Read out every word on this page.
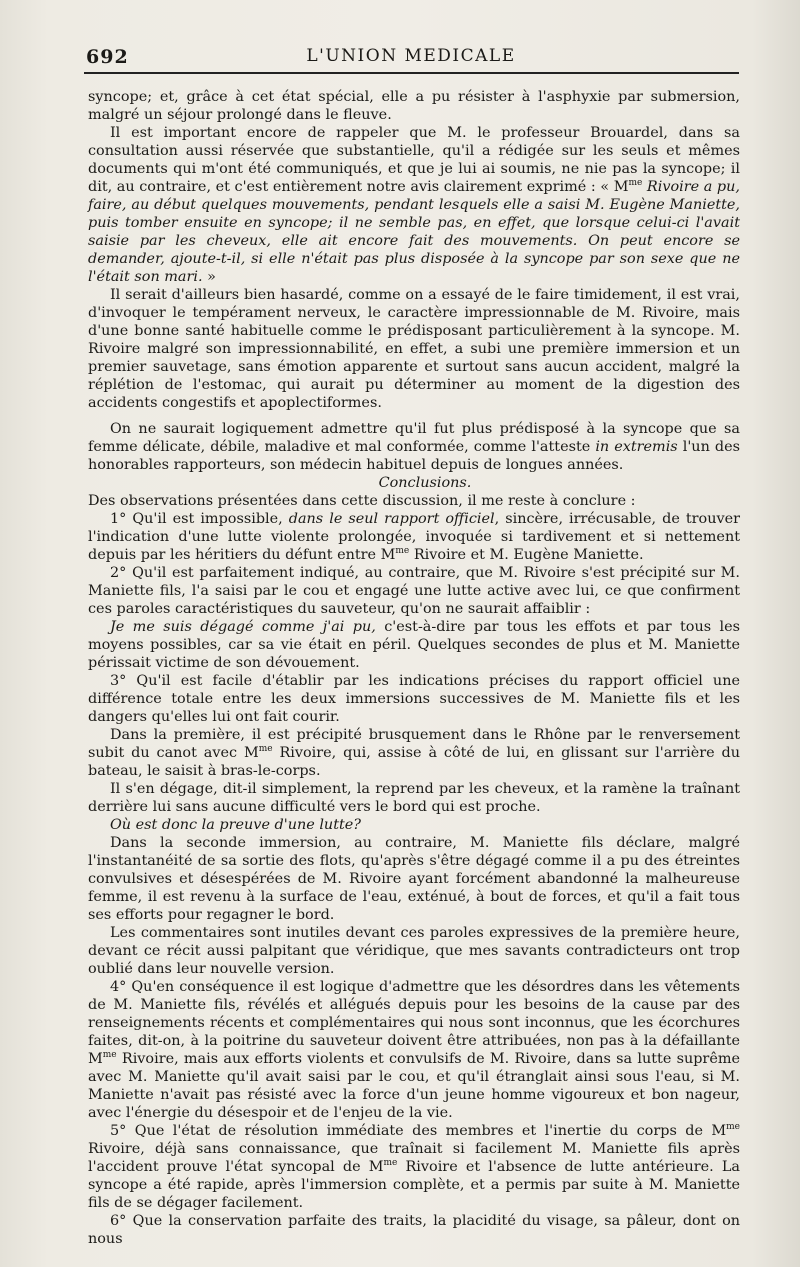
692	L'UNION MEDICALE

syncope; et, grâce à cet état spécial, elle a pu résister à l'asphyxie par submersion, malgré un séjour prolongé dans le fleuve.

Il est important encore de rappeler que M. le professeur Brouardel, dans sa consultation aussi réservée que substantielle, qu'il a rédigée sur les seuls et mêmes documents qui m'ont été communiqués, et que je lui ai soumis, ne nie pas la syncope; il dit, au contraire, et c'est entièrement notre avis clairement exprimé : « $M^{me}$ Rivoire a pu, faire, au début quelques mouvements, pendant lesquels elle a saisi M. Eugène Maniette, puis tomber ensuite en syncope; il ne semble pas, en effet, que lorsque celui-ci l'avait saisie par les cheveux, elle ait encore fait des mouvements. On peut encore se demander, ajoute-t-il, si elle n'était pas plus disposée à la syncope par son sexe que ne l'était son mari. »

Il serait d'ailleurs bien hasardé, comme on a essayé de le faire timidement, il est vrai, d'invoquer le tempérament nerveux, le caractère impressionnable de M. Rivoire, mais d'une bonne santé habituelle comme le prédisposant particulièrement à la syncope. M. Rivoire malgré son impressionnabilité, en effet, a subi une première immersion et un premier sauvetage, sans émotion apparente et surtout sans aucun accident, malgré la réplétion de l'estomac, qui aurait pu déterminer au moment de la digestion des accidents congestifs et apoplectiformes.

On ne saurait logiquement admettre qu'il fut plus prédisposé à la syncope que sa femme délicate, débile, maladive et mal conformée, comme l'atteste in extremis l'un des honorables rapporteurs, son médecin habituel depuis de longues années.

Conclusions.

Des observations présentées dans cette discussion, il me reste à conclure :

1° Qu'il est impossible, dans le seul rapport officiel, sincère, irrécusable, de trouver l'indication d'une lutte violente prolongée, invoquée si tardivement et si nettement depuis par les héritiers du défunt entre $M^{me}$ Rivoire et M. Eugène Maniette.

2° Qu'il est parfaitement indiqué, au contraire, que M. Rivoire s'est précipité sur M. Maniette fils, l'a saisi par le cou et engagé une lutte active avec lui, ce que confirment ces paroles caractéristiques du sauveteur, qu'on ne saurait affaiblir :

Je me suis dégagé comme j'ai pu, c'est-à-dire par tous les effots et par tous les moyens possibles, car sa vie était en péril. Quelques secondes de plus et M. Maniette périssait victime de son dévouement.

3° Qu'il est facile d'établir par les indications précises du rapport officiel une différence totale entre les deux immersions successives de M. Maniette fils et les dangers qu'elles lui ont fait courir.

Dans la première, il est précipité brusquement dans le Rhône par le renversement subit du canot avec $M^{me}$ Rivoire, qui, assise à côté de lui, en glissant sur l'arrière du bateau, le saisit à bras-le-corps.

Il s'en dégage, dit-il simplement, la reprend par les cheveux, et la ramène la traînant derrière lui sans aucune difficulté vers le bord qui est proche.

Où est donc la preuve d'une lutte?

Dans la seconde immersion, au contraire, M. Maniette fils déclare, malgré l'instantanéité de sa sortie des flots, qu'après s'être dégagé comme il a pu des étreintes convulsives et désespérées de M. Rivoire ayant forcément abandonné la malheureuse femme, il est revenu à la surface de l'eau, exténué, à bout de forces, et qu'il a fait tous ses efforts pour regagner le bord.

Les commentaires sont inutiles devant ces paroles expressives de la première heure, devant ce récit aussi palpitant que véridique, que mes savants contradicteurs ont trop oublié dans leur nouvelle version.

4° Qu'en conséquence il est logique d'admettre que les désordres dans les vêtements de M. Maniette fils, révélés et allégués depuis pour les besoins de la cause par des renseignements récents et complémentaires qui nous sont inconnus, que les écorchures faites, dit-on, à la poitrine du sauveteur doivent être attribuées, non pas à la défaillante $M^{me}$ Rivoire, mais aux efforts violents et convulsifs de M. Rivoire, dans sa lutte suprême avec M. Maniette qu'il avait saisi par le cou, et qu'il étranglait ainsi sous l'eau, si M. Maniette n'avait pas résisté avec la force d'un jeune homme vigoureux et bon nageur, avec l'énergie du désespoir et de l'enjeu de la vie.

5° Que l'état de résolution immédiate des membres et l'inertie du corps de $M^{me}$ Rivoire, déjà sans connaissance, que traînait si facilement M. Maniette fils après l'accident prouve l'état syncopal de $M^{me}$ Rivoire et l'absence de lutte antérieure. La syncope a été rapide, après l'immersion complète, et a permis par suite à M. Maniette fils de se dégager facilement.

6° Que la conservation parfaite des traits, la placidité du visage, sa pâleur, dont on nous
